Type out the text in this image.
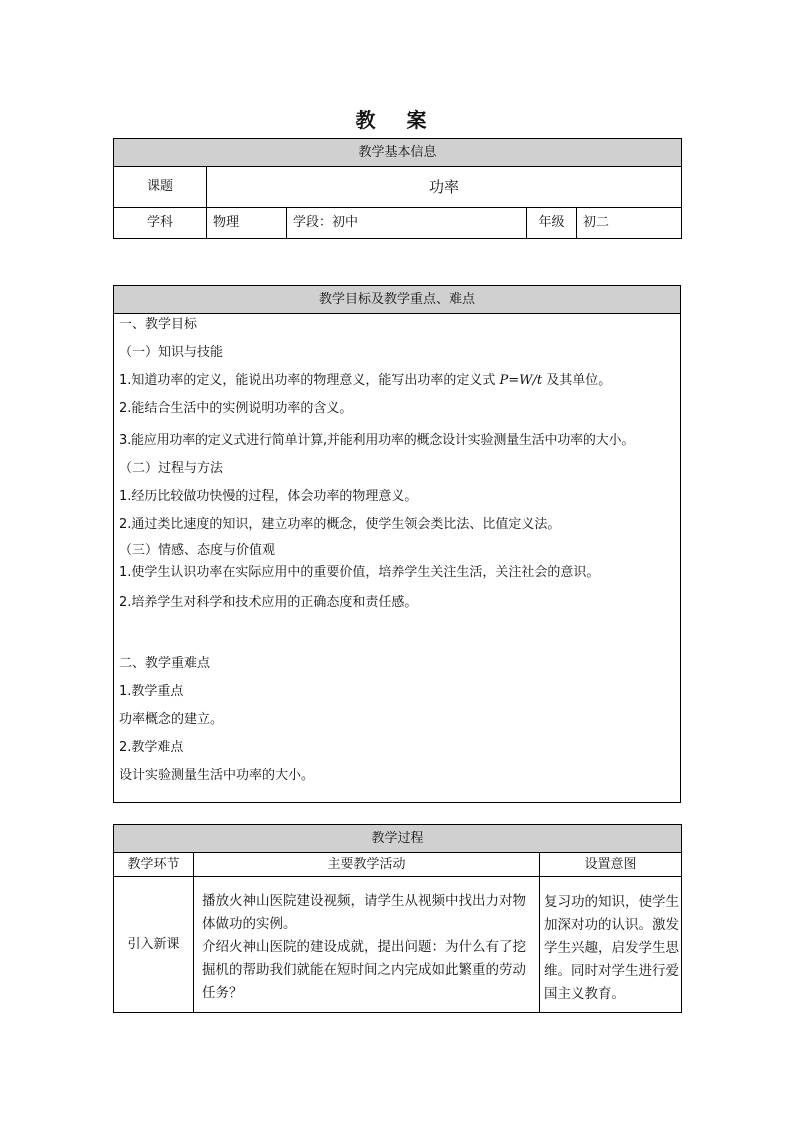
教 案
教学基本信息				
课题	功率			
学科	物理	学段：初中	年级	初二
教学目标及教学重点、难点

一、教学目标
（一）知识与技能
1.知道功率的定义，能说出功率的物理意义，能写出功率的定义式 P=W/t 及其单位。
2.能结合生活中的实例说明功率的含义。
3.能应用功率的定义式进行简单计算,并能利用功率的概念设计实验测量生活中功率的大小。
（二）过程与方法
1.经历比较做功快慢的过程，体会功率的物理意义。
2.通过类比速度的知识，建立功率的概念，使学生领会类比法、比值定义法。
（三）情感、态度与价值观
1.使学生认识功率在实际应用中的重要价值，培养学生关注生活，关注社会的意识。
2.培养学生对科学和技术应用的正确态度和责任感。
二、教学重难点
1.教学重点
功率概念的建立。
2.教学难点
设计实验测量生活中功率的大小。
教学过程		
教学环节	主要教学活动	设置意图
引入新课	播放火神山医院建设视频，请学生从视频中找出力对物体做功的实例。
介绍火神山医院的建设成就，提出问题：为什么有了挖掘机的帮助我们就能在短时间之内完成如此繁重的劳动任务？	复习功的知识，使学生加深对功的认识。激发学生兴趣，启发学生思维。同时对学生进行爱国主义教育。
